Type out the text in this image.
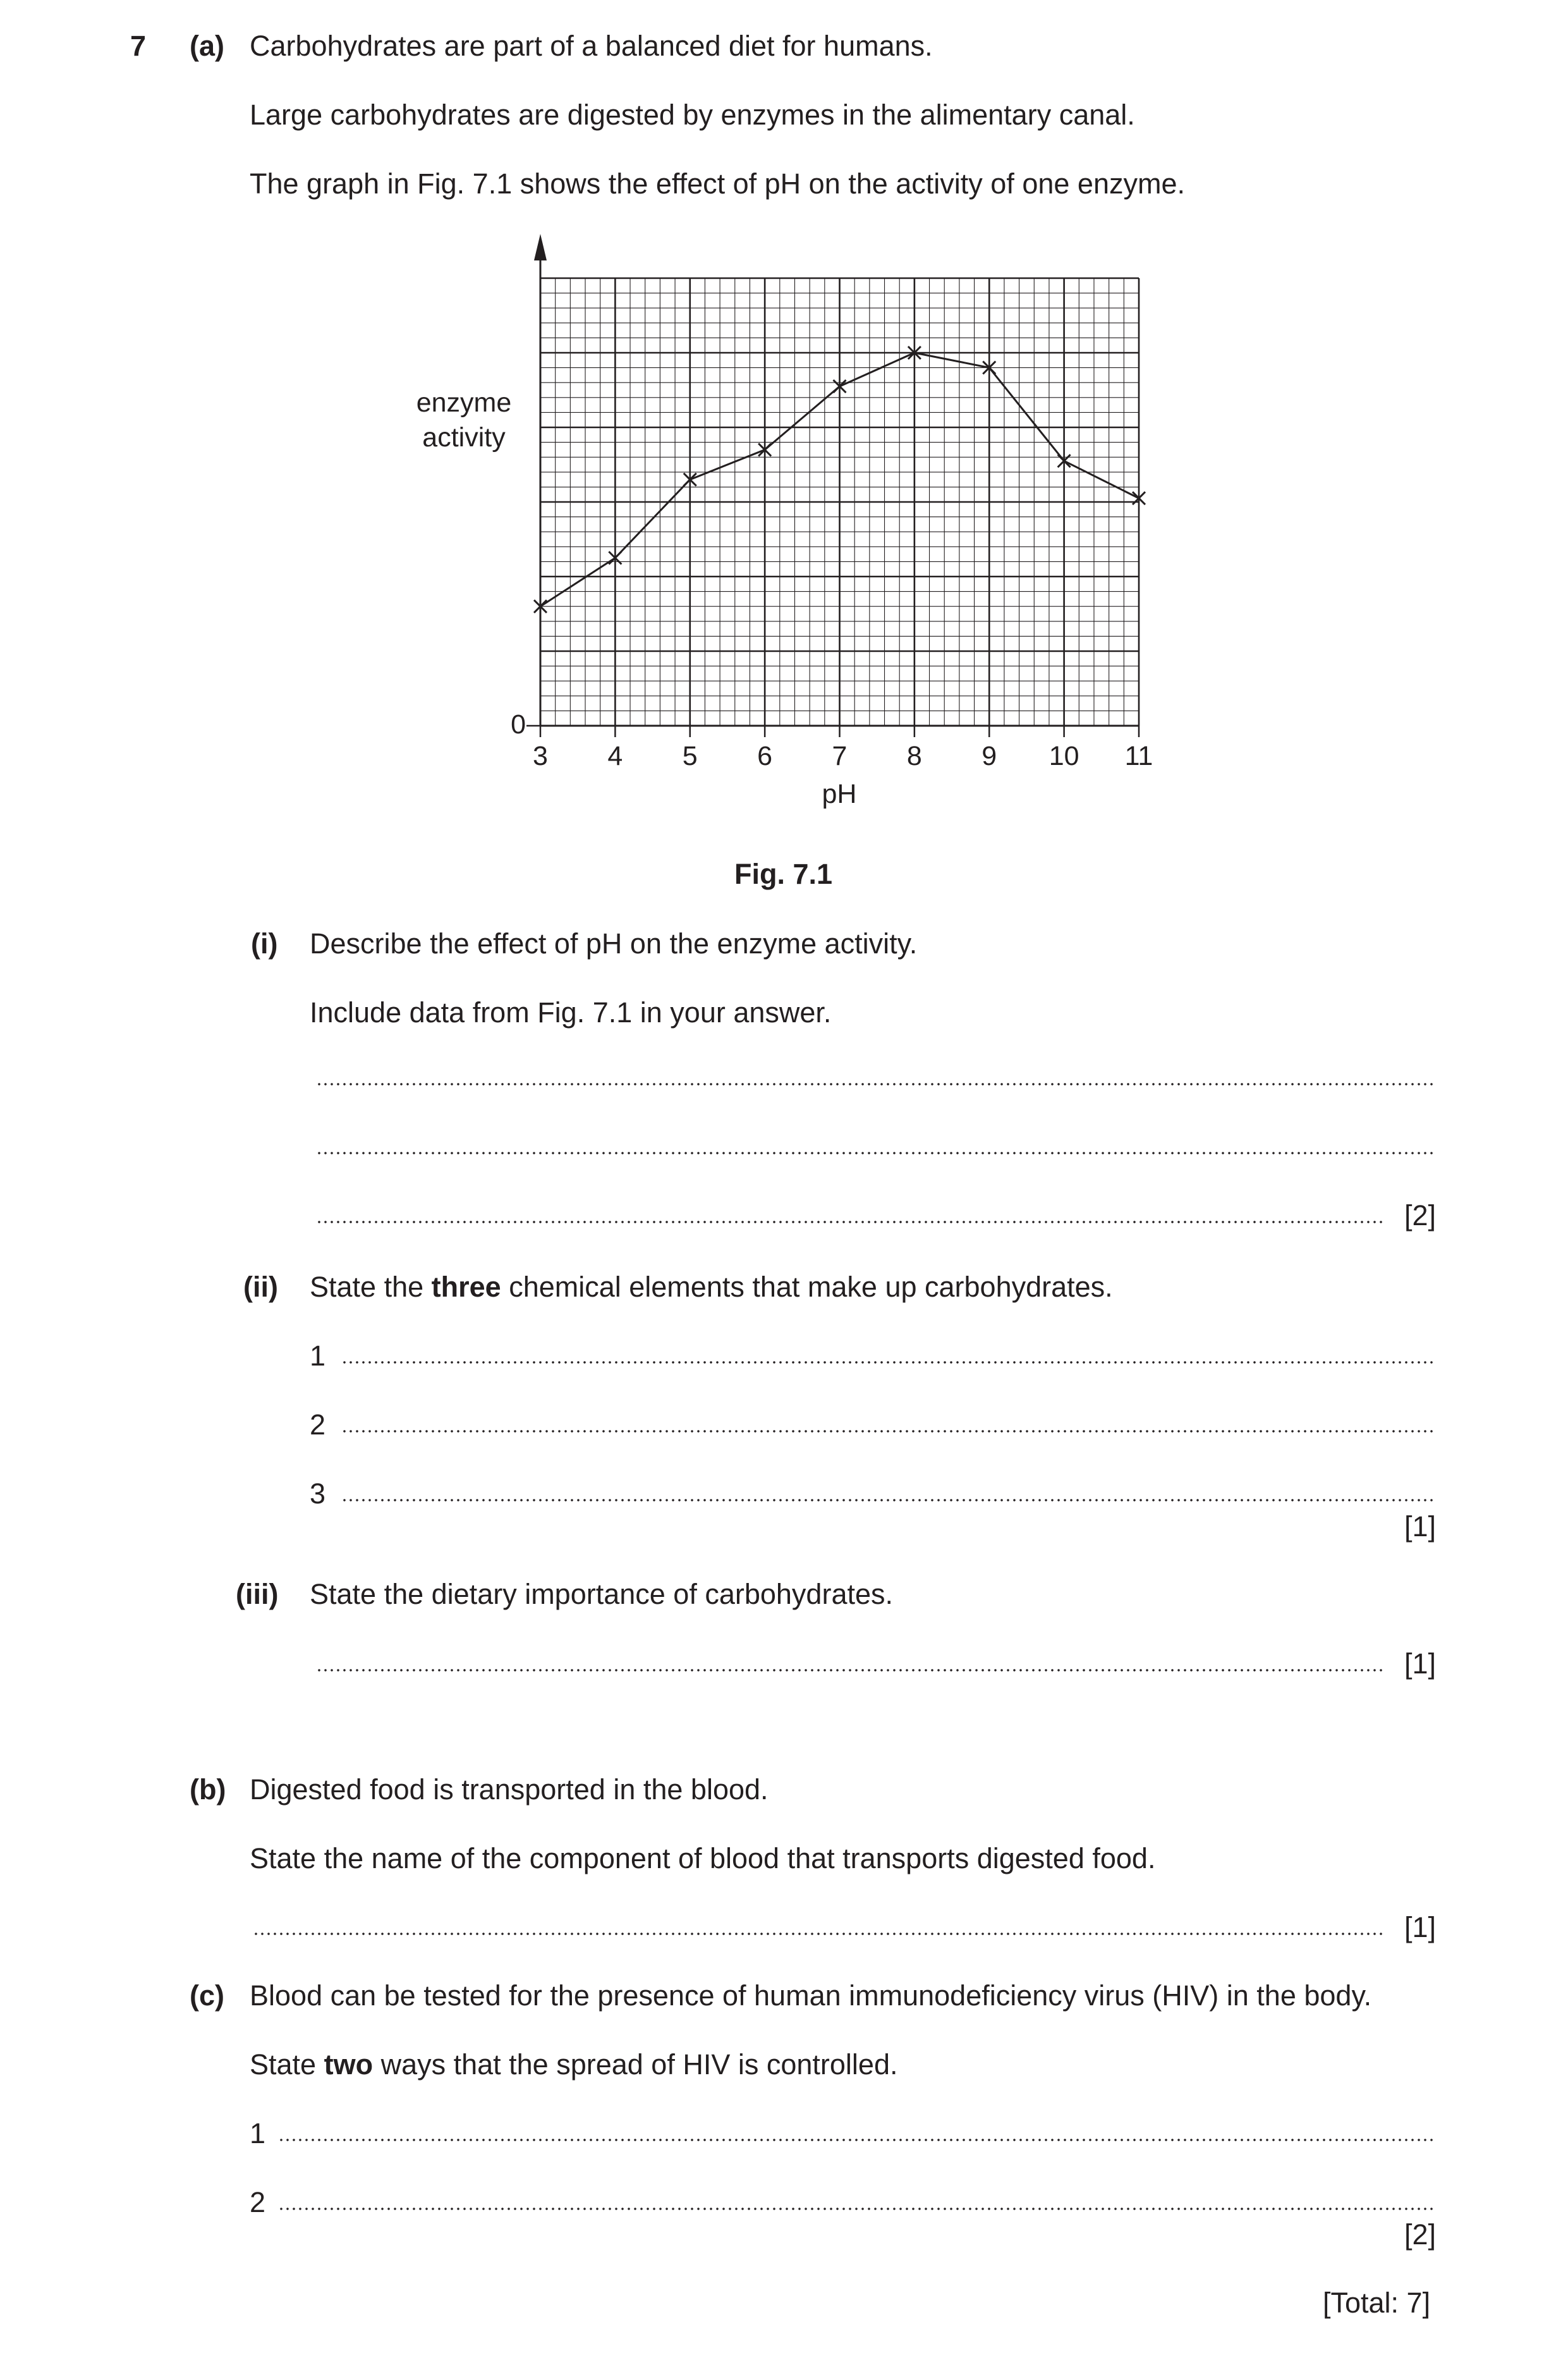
7 (a) Carbohydrates are part of a balanced diet for humans.
Large carbohydrates are digested by enzymes in the alimentary canal.
The graph in Fig. 7.1 shows the effect of pH on the activity of one enzyme.
3 4 5 6 7 8 9 10 11
enzyme
activity
0
pH
Fig. 7.1
(i) Describe the effect of pH on the enzyme activity.
Include data from Fig. 7.1 in your answer.
[2]
(ii) State the three chemical elements that make up carbohydrates.
1
2
3
[1]
(iii) State the dietary importance of carbohydrates.
[1]
(b) Digested food is transported in the blood.
State the name of the component of blood that transports digested food.
[1]
(c) Blood can be tested for the presence of human immunodeficiency virus (HIV) in the body.
State two ways that the spread of HIV is controlled.
1
2
[2]
[Total: 7]
